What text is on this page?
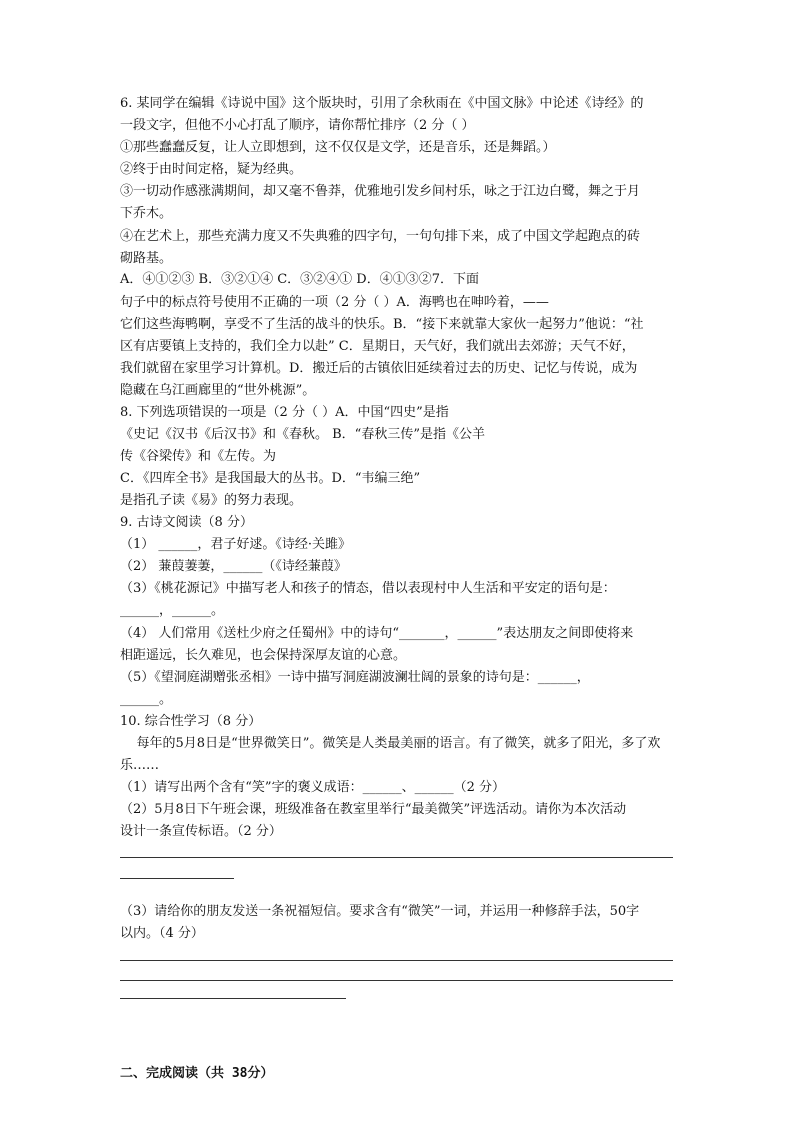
6. 某同学在编辑《诗说中国》这个版块时，引用了余秋雨在《中国文脉》中论述《诗经》的
一段文字，但他不小心打乱了顺序，请你帮忙排序（2 分（ ）
①那些蠢蠢反复，让人立即想到，这不仅仅是文学，还是音乐，还是舞蹈。）
②终于由时间定格，疑为经典。
③一切动作感涨满期间，却又毫不鲁莽，优雅地引发乡间村乐，咏之于江边白鹭，舞之于月
下乔木。
④在艺术上，那些充满力度又不失典雅的四字句，一句句排下来，成了中国文学起跑点的砖
砌路基。
A．④①②③ B．③②①④ C．③②④① D．④①③②7．下面
句子中的标点符号使用不正确的一项（2 分（ ）A．海鸭也在呻吟着，——
它们这些海鸭啊，享受不了生活的战斗的快乐。B．“接下来就靠大家伙一起努力”他说：“社
区有店要镇上支持的，我们全力以赴” C．星期日，天气好，我们就出去郊游；天气不好，
我们就留在家里学习计算机。D．搬迁后的古镇依旧延续着过去的历史、记忆与传说，成为
隐藏在乌江画廊里的“世外桃源”。
8. 下列选项错误的一项是（2 分（ ）A．中国“四史”是指
《史记《汉书《后汉书》和《春秋。 B．“春秋三传”是指《公羊
传《谷梁传》和《左传。为
C．《四库全书》是我国最大的丛书。D．“韦编三绝”
是指孔子读《易》的努力表现。
9. 古诗文阅读（8 分）
（1） ______，君子好逑。《诗经·关雎》
（2） 蒹葭萋萋，______（《诗经蒹葭》
（3）《桃花源记》中描写老人和孩子的情态，借以表现村中人生活和平安定的语句是：
______，______。
（4） 人们常用《送杜少府之任蜀州》中的诗句“_______，______”表达朋友之间即使将来
相距遥远，长久难见，也会保持深厚友谊的心意。
（5）《望洞庭湖赠张丞相》一诗中描写洞庭湖波澜壮阔的景象的诗句是：______，
______。
10. 综合性学习（8 分）
每年的5月8日是“世界微笑日”。微笑是人类最美丽的语言。有了微笑，就多了阳光，多了欢
乐……
（1）请写出两个含有“笑”字的褒义成语：______、______（2 分）
（2）5月8日下午班会课，班级准备在教室里举行“最美微笑”评选活动。请你为本次活动
设计一条宣传标语。（2 分）
（3）请给你的朋友发送一条祝福短信。要求含有“微笑”一词，并运用一种修辞手法，50字
以内。（4 分）
二、完成阅读（共 38分）
